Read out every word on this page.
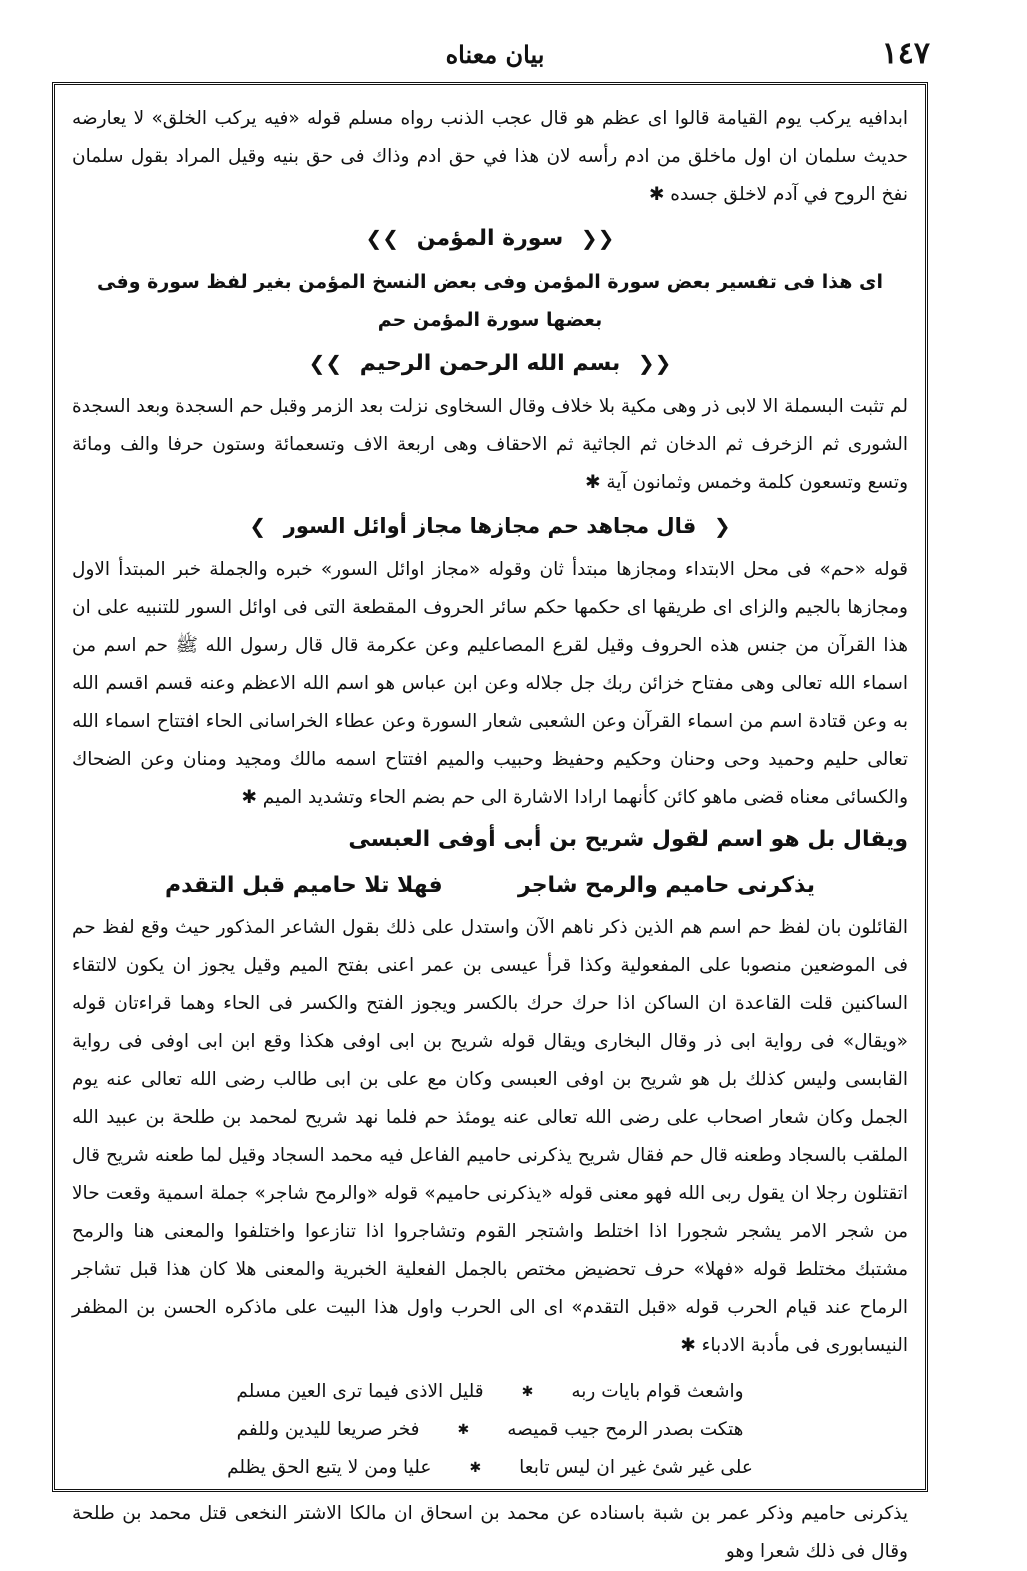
١٤٧
بيان معناه

ابدافيه يركب يوم القيامة قالوا اى عظم هو قال عجب الذنب رواه مسلم قوله «فيه يركب الخلق» لا يعارضه حديث سلمان ان اول ماخلق من ادم رأسه لان هذا في حق ادم وذاك فى حق بنيه وقيل المراد بقول سلمان نفخ الروح في آدم لاخلق جسده ✱

❮❮ سورة المؤمن ❯❯
اى هذا فى تفسير بعض سورة المؤمن وفى بعض النسخ المؤمن بغير لفظ سورة وفى بعضها سورة المؤمن حم
❮❮ بسم الله الرحمن الرحيم ❯❯

لم تثبت البسملة الا لابى ذر وهى مكية بلا خلاف وقال السخاوى نزلت بعد الزمر وقبل حم السجدة وبعد السجدة الشورى ثم الزخرف ثم الدخان ثم الجاثية ثم الاحقاف وهى اربعة الاف وتسعمائة وستون حرفا والف ومائة وتسع وتسعون كلمة وخمس وثمانون آية ✱

❮ قال مجاهد حم مجازها مجاز أوائل السور ❯

قوله «حم» فى محل الابتداء ومجازها مبتدأ ثان وقوله «مجاز اوائل السور» خبره والجملة خبر المبتدأ الاول ومجازها بالجيم والزاى اى طريقها اى حكمها حكم سائر الحروف المقطعة التى فى اوائل السور للتنبيه على ان هذا القرآن من جنس هذه الحروف وقيل لقرع المصاعليم وعن عكرمة قال قال رسول الله ﷺ حم اسم من اسماء الله تعالى وهى مفتاح خزائن ربك جل جلاله وعن ابن عباس هو اسم الله الاعظم وعنه قسم اقسم الله به وعن قتادة اسم من اسماء القرآن وعن الشعبى شعار السورة وعن عطاء الخراسانى الحاء افتتاح اسماء الله تعالى حليم وحميد وحى وحنان وحكيم وحفيظ وحبيب والميم افتتاح اسمه مالك ومجيد ومنان وعن الضحاك والكسائى معناه قضى ماهو كائن كأنهما ارادا الاشارة الى حم بضم الحاء وتشديد الميم ✱

ويقال بل هو اسم لقول شريح بن أبى أوفى العبسى

يذكرنى حاميم والرمح شاجر  فهلا تلا حاميم قبل التقدم

القائلون بان لفظ حم اسم هم الذين ذكر ناهم الآن واستدل على ذلك بقول الشاعر المذكور حيث وقع لفظ حم فى الموضعين منصوبا على المفعولية وكذا قرأ عيسى بن عمر اعنى بفتح الميم وقيل يجوز ان يكون لالتقاء الساكنين قلت القاعدة ان الساكن اذا حرك حرك بالكسر ويجوز الفتح والكسر فى الحاء وهما قراءتان قوله «ويقال» فى رواية ابى ذر وقال البخارى ويقال قوله شريح بن ابى اوفى هكذا وقع ابن ابى اوفى فى رواية القابسى وليس كذلك بل هو شريح بن اوفى العبسى وكان مع على بن ابى طالب رضى الله تعالى عنه يوم الجمل وكان شعار اصحاب على رضى الله تعالى عنه يومئذ حم فلما نهد شريح لمحمد بن طلحة بن عبيد الله الملقب بالسجاد وطعنه قال حم فقال شريح يذكرنى حاميم الفاعل فيه محمد السجاد وقيل لما طعنه شريح قال اتقتلون رجلا ان يقول ربى الله فهو معنى قوله «يذكرنى حاميم» قوله «والرمح شاجر» جملة اسمية وقعت حالا من شجر الامر يشجر شجورا اذا اختلط واشتجر القوم وتشاجروا اذا تنازعوا واختلفوا والمعنى هنا والرمح مشتبك مختلط قوله «فهلا» حرف تحضيض مختص بالجمل الفعلية الخبرية والمعنى هلا كان هذا قبل تشاجر الرماح عند قيام الحرب قوله «قبل التقدم» اى الى الحرب واول هذا البيت على ماذكره الحسن بن المظفر النيسابورى فى مأدبة الادباء ✱

واشعث قوام بايات ربه
✱
قليل الاذى فيما ترى العين مسلم
هتكت بصدر الرمح جيب قميصه
✱
فخر صريعا لليدين وللفم
على غير شئ غير ان ليس تابعا
✱
عليا ومن لا يتبع الحق يظلم

يذكرنى حاميم وذكر عمر بن شبة باسناده عن محمد بن اسحاق ان مالكا الاشتر النخعى قتل محمد بن طلحة وقال فى ذلك شعرا وهو
